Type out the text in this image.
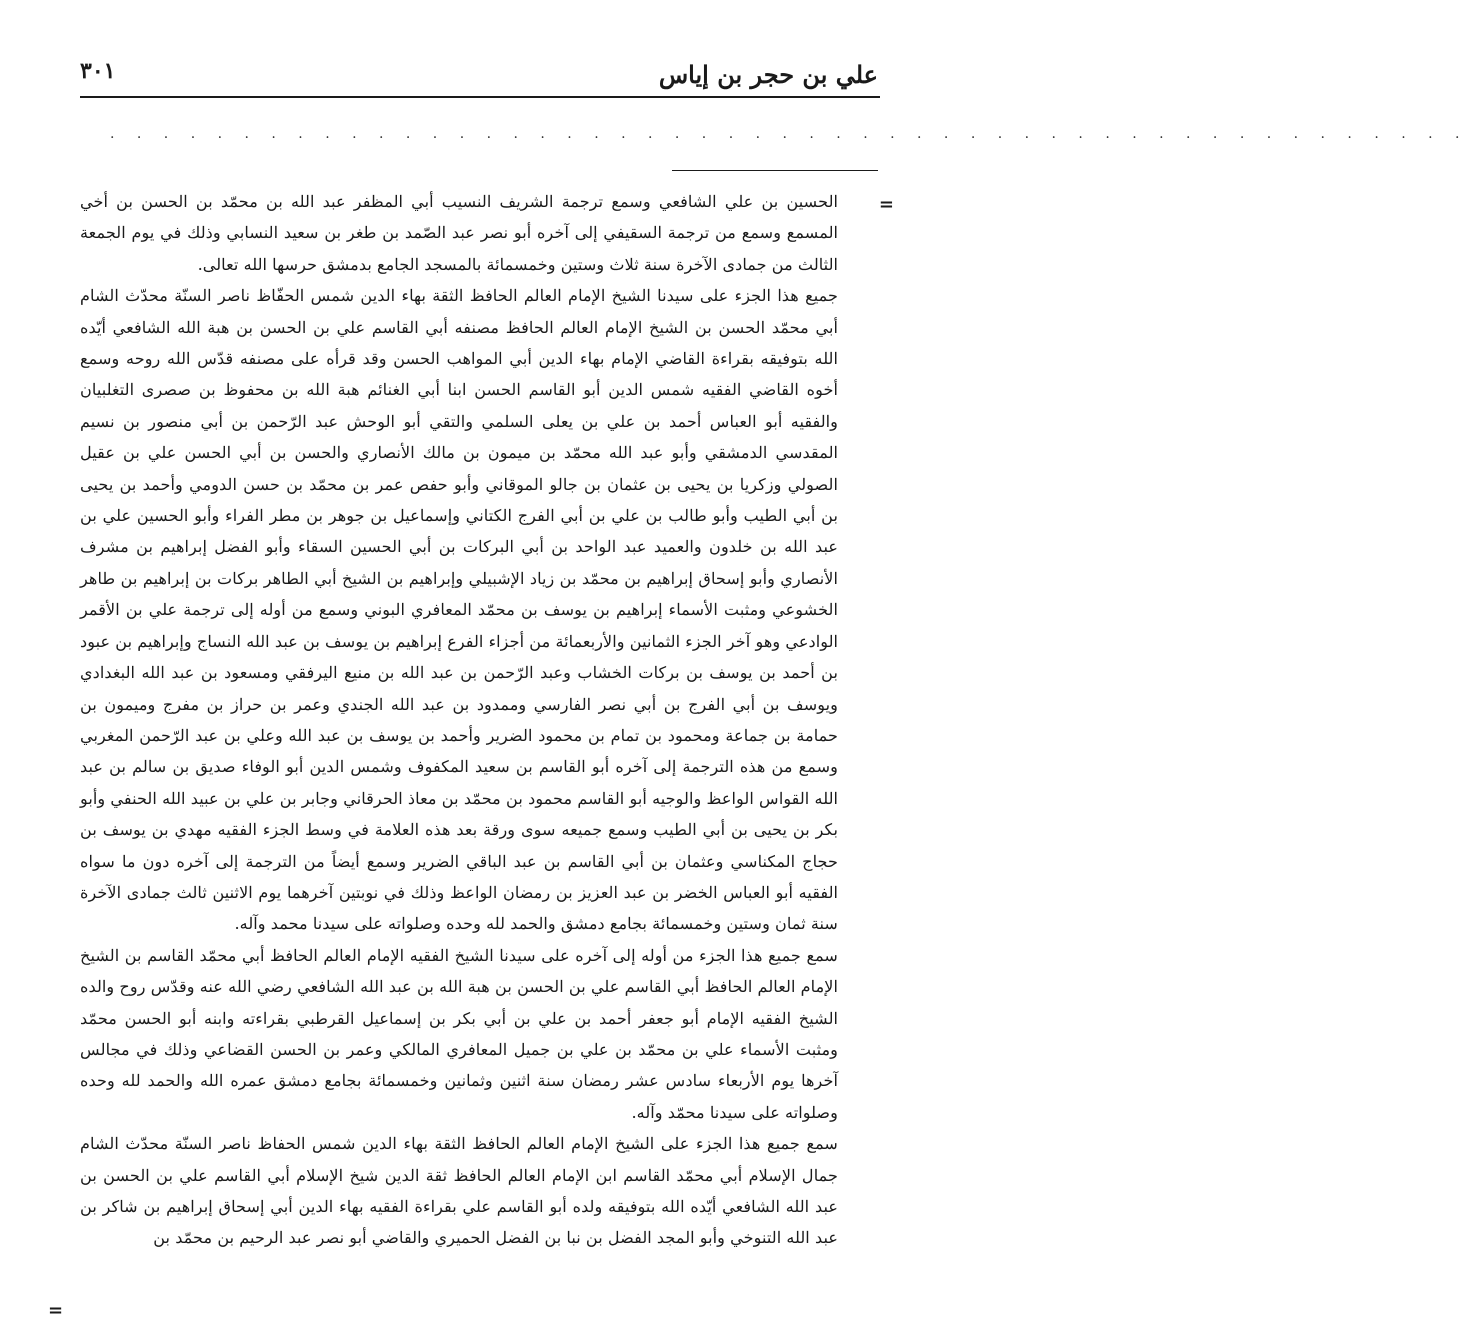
علي بن حجر بن إياس
٣٠١
. . . . . . . . . . . . . . . . . . . . . . . . . . . . . . . . . . . . . . . . . . . . . . . . . . .
=

الحسين بن علي الشافعي وسمع ترجمة الشريف النسيب أبي المظفر عبد الله بن محمّد بن الحسن بن أخي المسمع وسمع من ترجمة السقيفي إلى آخره أبو نصر عبد الصّمد بن طغر بن سعيد النسابي وذلك في يوم الجمعة الثالث من جمادى الآخرة سنة ثلاث وستين وخمسمائة بالمسجد الجامع بدمشق حرسها الله تعالى.

جميع هذا الجزء على سيدنا الشيخ الإمام العالم الحافظ الثقة بهاء الدين شمس الحفّاظ ناصر السنّة محدّث الشام أبي محمّد الحسن بن الشيخ الإمام العالم الحافظ مصنفه أبي القاسم علي بن الحسن بن هبة الله الشافعي أيّده الله بتوفيقه بقراءة القاضي الإمام بهاء الدين أبي المواهب الحسن وقد قرأه على مصنفه قدّس الله روحه وسمع أخوه القاضي الفقيه شمس الدين أبو القاسم الحسن ابنا أبي الغنائم هبة الله بن محفوظ بن صصرى التغلبيان والفقيه أبو العباس أحمد بن علي بن يعلى السلمي والتقي أبو الوحش عبد الرّحمن بن أبي منصور بن نسيم المقدسي الدمشقي وأبو عبد الله محمّد بن ميمون بن مالك الأنصاري والحسن بن أبي الحسن علي بن عقيل الصولي وزكريا بن يحيى بن عثمان بن جالو الموقاني وأبو حفص عمر بن محمّد بن حسن الدومي وأحمد بن يحيى بن أبي الطيب وأبو طالب بن علي بن أبي الفرج الكتاني وإسماعيل بن جوهر بن مطر الفراء وأبو الحسين علي بن عبد الله بن خلدون والعميد عبد الواحد بن أبي البركات بن أبي الحسين السقاء وأبو الفضل إبراهيم بن مشرف الأنصاري وأبو إسحاق إبراهيم بن محمّد بن زياد الإشبيلي وإبراهيم بن الشيخ أبي الطاهر بركات بن إبراهيم بن طاهر الخشوعي ومثبت الأسماء إبراهيم بن يوسف بن محمّد المعافري البوني وسمع من أوله إلى ترجمة علي بن الأقمر الوادعي وهو آخر الجزء الثمانين والأربعمائة من أجزاء الفرع إبراهيم بن يوسف بن عبد الله النساج وإبراهيم بن عبود بن أحمد بن يوسف بن بركات الخشاب وعبد الرّحمن بن عبد الله بن منيع اليرفقي ومسعود بن عبد الله البغدادي ويوسف بن أبي الفرج بن أبي نصر الفارسي وممدود بن عبد الله الجندي وعمر بن حراز بن مفرج وميمون بن حمامة بن جماعة ومحمود بن تمام بن محمود الضرير وأحمد بن يوسف بن عبد الله وعلي بن عبد الرّحمن المغربي وسمع من هذه الترجمة إلى آخره أبو القاسم بن سعيد المكفوف وشمس الدين أبو الوفاء صديق بن سالم بن عبد الله القواس الواعظ والوجيه أبو القاسم محمود بن محمّد بن معاذ الحرقاني وجابر بن علي بن عبيد الله الحنفي وأبو بكر بن يحيى بن أبي الطيب وسمع جميعه سوى ورقة بعد هذه العلامة في وسط الجزء الفقيه مهدي بن يوسف بن حجاج المكناسي وعثمان بن أبي القاسم بن عبد الباقي الضرير وسمع أيضاً من الترجمة إلى آخره دون ما سواه الفقيه أبو العباس الخضر بن عبد العزيز بن رمضان الواعظ وذلك في نوبتين آخرهما يوم الاثنين ثالث جمادى الآخرة سنة ثمان وستين وخمسمائة بجامع دمشق والحمد لله وحده وصلواته على سيدنا محمد وآله.

سمع جميع هذا الجزء من أوله إلى آخره على سيدنا الشيخ الفقيه الإمام العالم الحافظ أبي محمّد القاسم بن الشيخ الإمام العالم الحافظ أبي القاسم علي بن الحسن بن هبة الله بن عبد الله الشافعي رضي الله عنه وقدّس روح والده الشيخ الفقيه الإمام أبو جعفر أحمد بن علي بن أبي بكر بن إسماعيل القرطبي بقراءته وابنه أبو الحسن محمّد ومثبت الأسماء علي بن محمّد بن علي بن جميل المعافري المالكي وعمر بن الحسن القضاعي وذلك في مجالس آخرها يوم الأربعاء سادس عشر رمضان سنة اثنين وثمانين وخمسمائة بجامع دمشق عمره الله والحمد لله وحده وصلواته على سيدنا محمّد وآله.

سمع جميع هذا الجزء على الشيخ الإمام العالم الحافظ الثقة بهاء الدين شمس الحفاظ ناصر السنّة محدّث الشام جمال الإسلام أبي محمّد القاسم ابن الإمام العالم الحافظ ثقة الدين شيخ الإسلام أبي القاسم علي بن الحسن بن عبد الله الشافعي أيّده الله بتوفيقه ولده أبو القاسم علي بقراءة الفقيه بهاء الدين أبي إسحاق إبراهيم بن شاكر بن عبد الله التنوخي وأبو المجد الفضل بن نبا بن الفضل الحميري والقاضي أبو نصر عبد الرحيم بن محمّد بن

=
